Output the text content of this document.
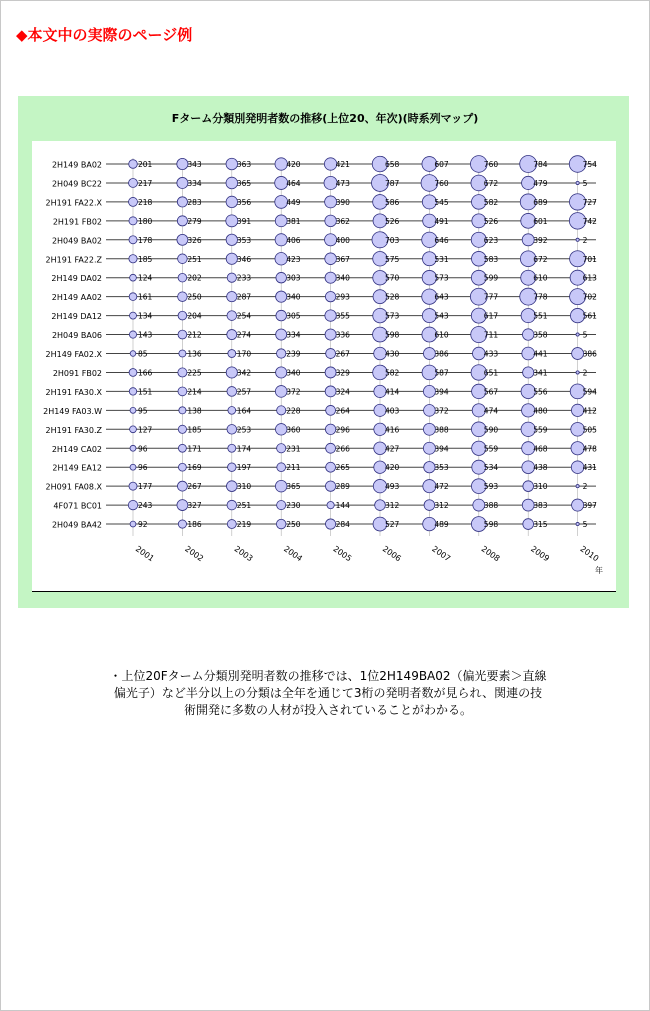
◆本文中の実際のページ例
Fターム分類別発明者数の推移(上位20、年次)(時系列マップ)
2H149 BA02	201	343	363	420	421	658	607	760	784	754
2H049 BC22	217	334	365	464	473	787	760	672	479	5
2H191 FA22.X	218	283	356	449	390	586	545	582	689	727
2H191 FB02	180	279	391	381	362	526	491	526	601	742
2H049 BA02	178	326	353	406	400	703	646	623	392	2
2H191 FA22.Z	185	251	346	423	367	575	531	583	672	701
2H149 DA02	124	202	233	303	340	570	573	599	610	613
2H149 AA02	161	250	287	340	293	528	643	777	778	702
2H149 DA12	134	204	254	305	355	573	543	617	551	561
2H049 BA06	143	212	274	334	336	598	610	711	358	5
2H149 FA02.X	85	136	170	239	267	430	386	433	441	386
2H091 FB02	166	225	342	340	329	582	587	651	341	2
2H191 FA30.X	151	214	257	372	324	414	394	567	556	594
2H149 FA03.W	95	138	164	228	264	403	372	474	480	412
2H191 FA30.Z	127	185	253	360	296	416	388	590	559	505
2H149 CA02	96	171	174	231	266	427	394	559	468	478
2H149 EA12	96	169	197	211	265	420	353	534	438	431
2H091 FA08.X	177	267	310	365	289	493	472	593	310	2
4F071 BC01	243	327	251	230	144	312	312	388	383	397
2H049 BA42	92	186	219	250	284	527	489	598	315	5
2001	2002	2003	2004	2005	2006	2007	2008	2009	2010
年
・上位20Fターム分類別発明者数の推移では、1位2H149BA02（偏光要素＞直線偏光子）など半分以上の分類は全年を通じて3桁の発明者数が見られ、関連の技術開発に多数の人材が投入されていることがわかる。
